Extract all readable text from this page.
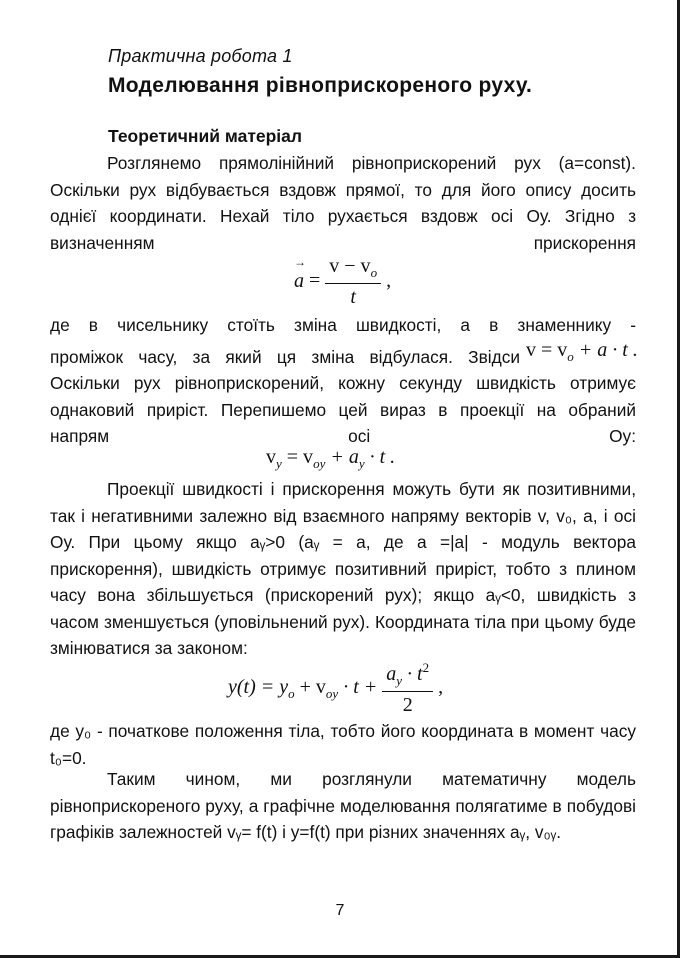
Практична робота 1
Моделювання рівноприскореного руху.
Теоретичний матеріал

Розглянемо прямолінійний рівноприскорений рух (a=const). Оскільки рух відбувається вздовж прямої, то для його опису досить однієї координати. Нехай тіло рухається вздовж осі Оу. Згідно з визначенням прискорення

→ $a = \frac{v - v_o}{t}$ ,

де в чисельнику стоїть зміна швидкості, а в знаменнику -

проміжок часу, за який ця зміна відбулася. Звідси $v = v_o + a \cdot t$ .

Оскільки рух рівноприскорений, кожну секунду швидкість отримує однаковий приріст. Перепишемо цей вираз в проекції на обраний напрям осі Оу:

$v_y = v_{oy} + a_y \cdot t$ .

Проекції швидкості і прискорення можуть бути як позитивними, так і негативними залежно від взаємного напряму векторів v, v₀, a, і осі Оу. При цьому якщо aᵧ>0 (aᵧ = a, де a =|a| - модуль вектора прискорення), швидкість отримує позитивний приріст, тобто з плином часу вона збільшується (прискорений рух); якщо aᵧ<0, швидкість з часом зменшується (уповільнений рух). Координата тіла при цьому буде змінюватися за законом:

$y(t) = y_o + v_{oy} \cdot t + \frac{a_y \cdot t^2}{2}$ ,

де y₀ - початкове положення тіла, тобто його координата в момент часу t₀=0.

Таким чином, ми розглянули математичну модель рівноприскореного руху, а графічне моделювання полягатиме в побудові графіків залежностей vᵧ= f(t) і y=f(t) при різних значеннях aᵧ, v₀ᵧ.

7
